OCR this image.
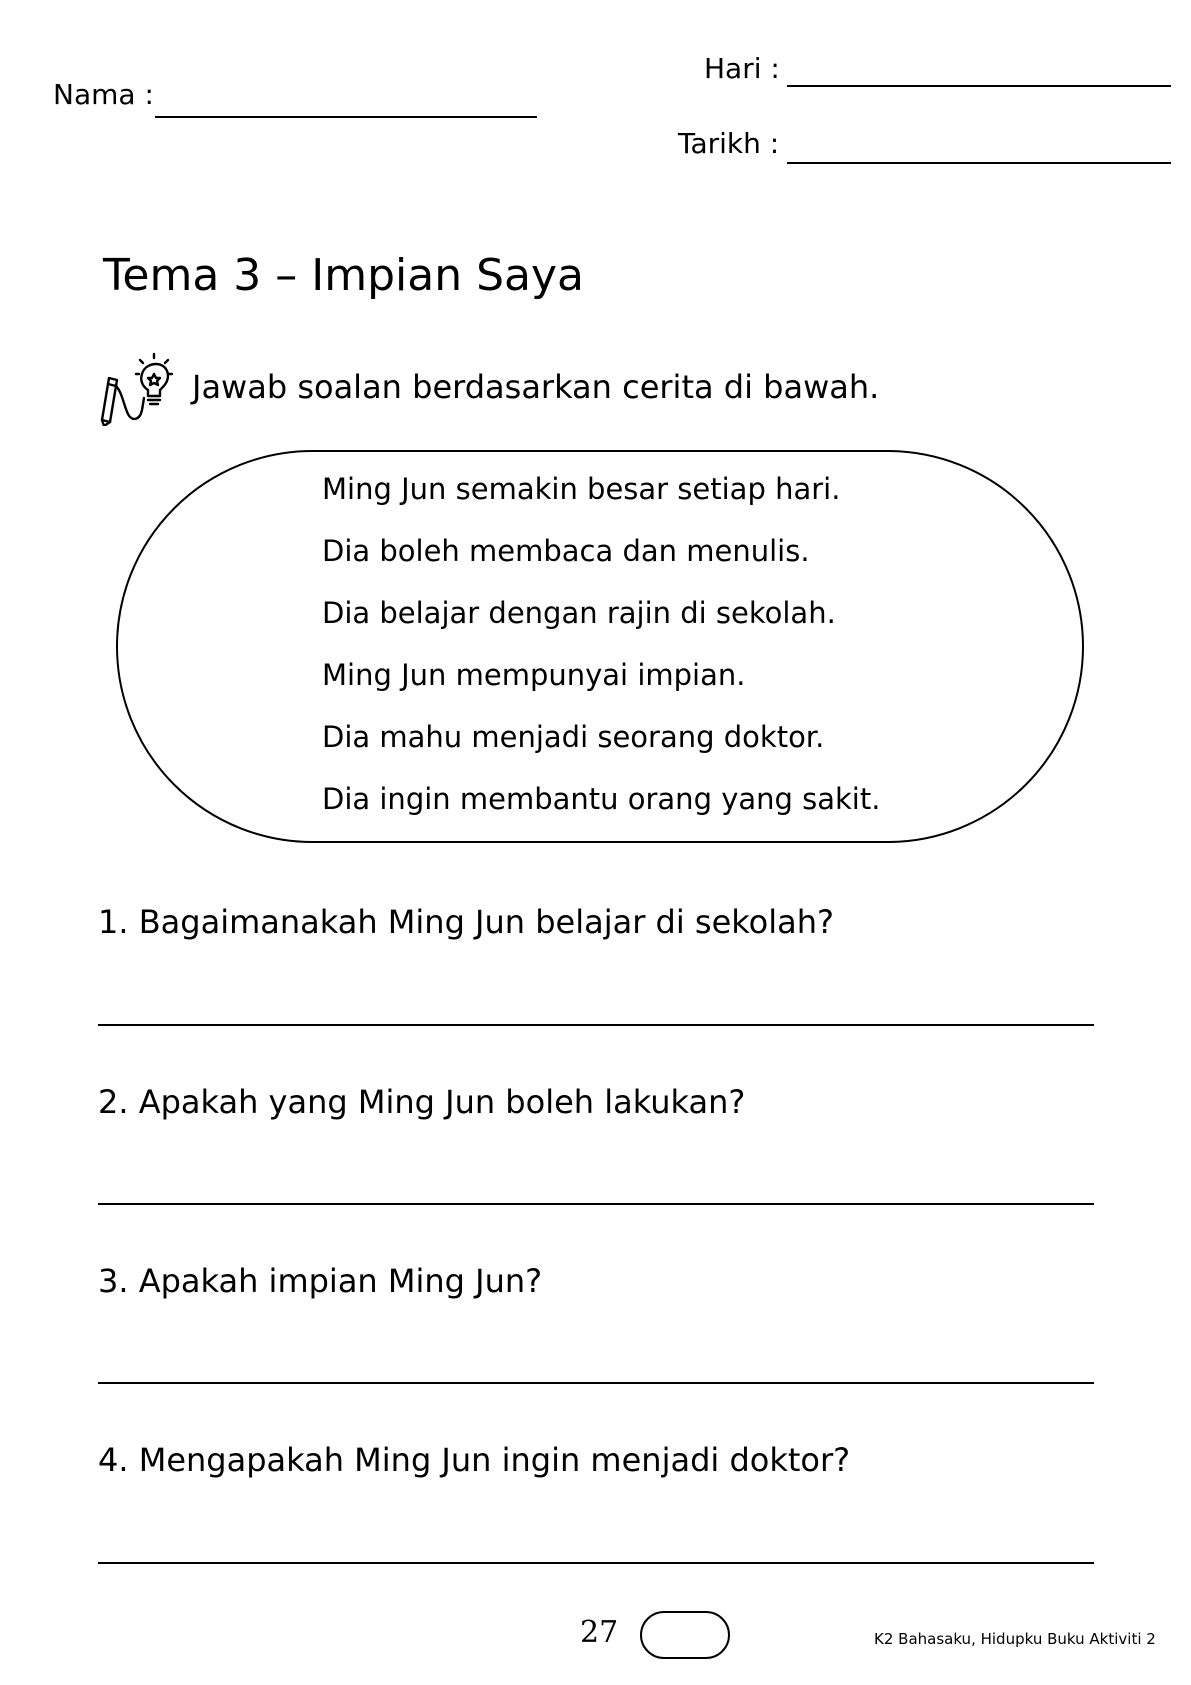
Nama :
Hari :
Tarikh :
Tema 3 – Impian Saya
Jawab soalan berdasarkan cerita di bawah.
Ming Jun semakin besar setiap hari.
Dia boleh membaca dan menulis.
Dia belajar dengan rajin di sekolah.
Ming Jun mempunyai impian.
Dia mahu menjadi seorang doktor.
Dia ingin membantu orang yang sakit.
1. Bagaimanakah Ming Jun belajar di sekolah?
2. Apakah yang Ming Jun boleh lakukan?
3. Apakah impian Ming Jun?
4. Mengapakah Ming Jun ingin menjadi doktor?
27	K2 Bahasaku, Hidupku Buku Aktiviti 2
